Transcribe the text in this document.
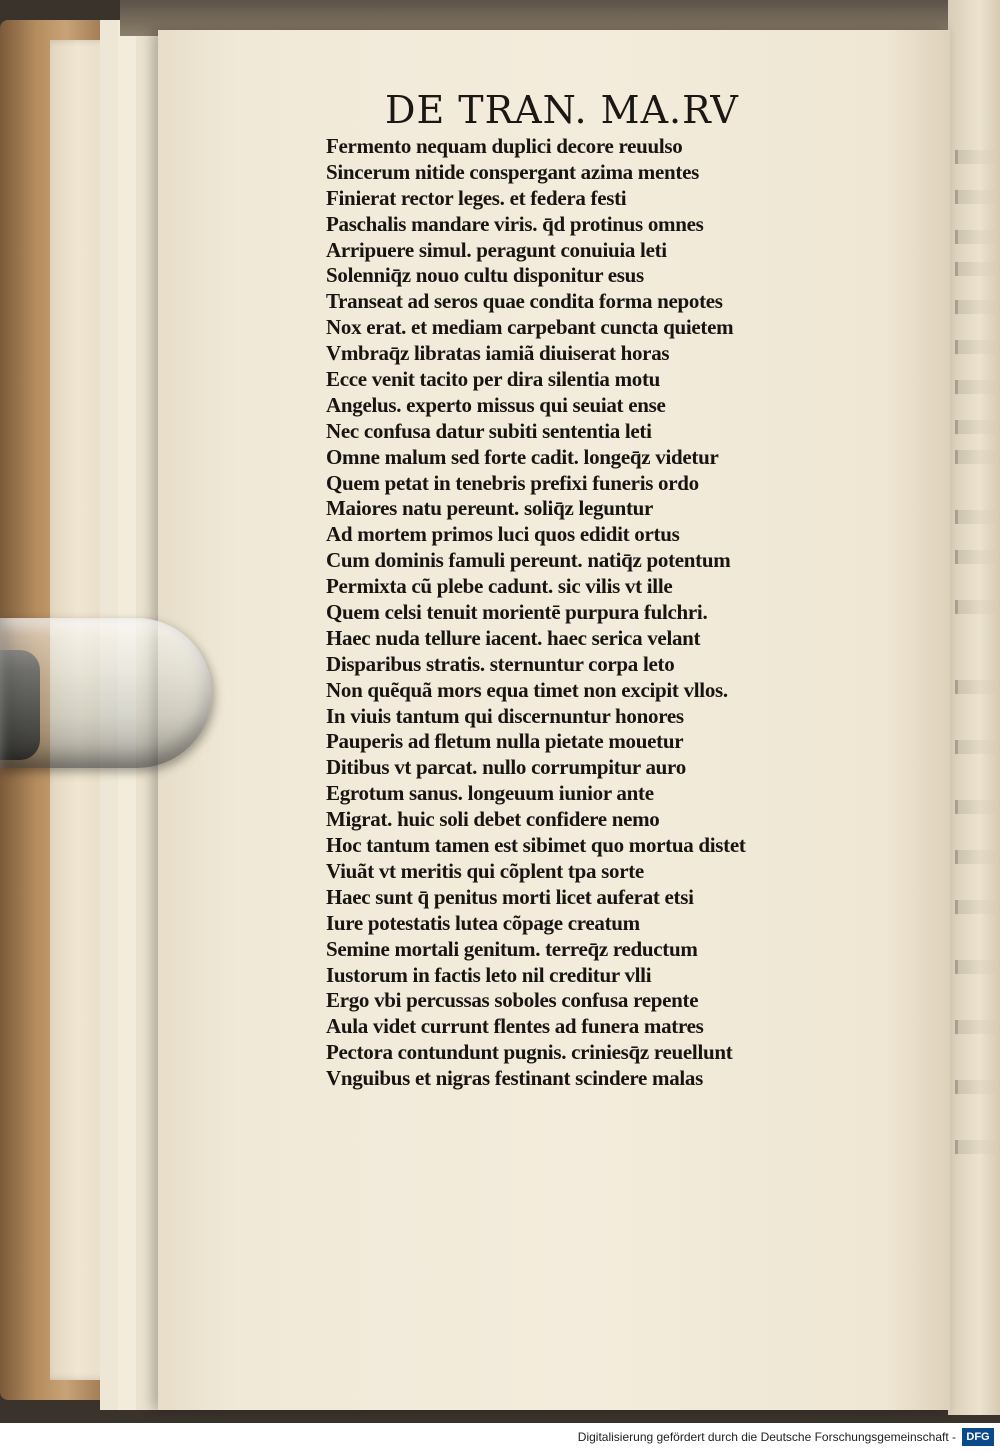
DE TRAN. MA.RV
Fermento nequam duplici decore reuulso
Sincerum nitide conspergant azima mentes
Finierat rector leges. et federa festi
Paschalis mandare viris. q̄d protinus omnes
Arripuere simul. peragunt conuiuia leti
Solenniq̄z nouo cultu disponitur esus
Transeat ad seros quae condita forma nepotes
Nox erat. et mediam carpebant cuncta quietem
Vmbraq̄z libratas iamiã diuiserat horas
Ecce venit tacito per dira silentia motu
Angelus. experto missus qui seuiat ense
Nec confusa datur subiti sententia leti
Omne malum sed forte cadit. longeq̄z videtur
Quem petat in tenebris prefixi funeris ordo
Maiores natu pereunt. soliq̄z leguntur
Ad mortem primos luci quos edidit ortus
Cum dominis famuli pereunt. natiq̄z potentum
Permixta cũ plebe cadunt. sic vilis vt ille
Quem celsi tenuit morientē purpura fulchri.
Haec nuda tellure iacent. haec serica velant
Disparibus stratis. sternuntur corpa leto
Non quẽquã mors equa timet non excipit vllos.
In viuis tantum qui discernuntur honores
Pauperis ad fletum nulla pietate mouetur
Ditibus vt parcat. nullo corrumpitur auro
Egrotum sanus. longeuum iunior ante
Migrat. huic soli debet confidere nemo
Hoc tantum tamen est sibimet quo mortua distet
Viuãt vt meritis qui cõplent tpa sorte
Haec sunt q̄ penitus morti licet auferat etsi
Iure potestatis lutea cõpage creatum
Semine mortali genitum. terreq̄z reductum
Iustorum in factis leto nil creditur vlli
Ergo vbi percussas soboles confusa repente
Aula videt currunt flentes ad funera matres
Pectora contundunt pugnis. criniesq̄z reuellunt
Vnguibus et nigras festinant scindere malas
Digitalisierung gefördert durch die Deutsche Forschungsgemeinschaft - DFG
